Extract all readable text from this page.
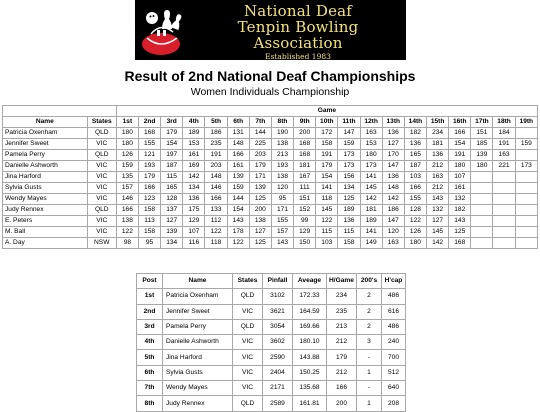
National Deaf
Tenpin Bowling Association
Established 1983
Result of 2nd National Deaf Championships
Women Individuals Championship
		Game																		
Name	States	1st	2nd	3rd	4th	5th	6th	7th	8th	9th	10th	11th	12th	13th	14th	15th	16th	17th	18th	19th
Patricia Oxenham	QLD	180	168	179	189	186	131	144	190	200	172	147	163	136	182	234	166	151	184	
Jennifer Sweet	VIC	180	155	154	153	235	148	225	138	168	158	159	153	127	136	181	154	185	191	159
Pamela Perry	QLD	126	121	197	161	191	166	203	213	168	191	173	180	170	165	136	191	139	163	
Danielle Ashworth	VIC	159	193	187	169	203	161	179	193	181	179	173	173	147	187	212	180	180	221	173
Jina Harford	VIC	135	179	115	142	148	139	171	138	167	154	156	141	136	103	163	107			
Sylvia Gusts	VIC	157	166	165	134	146	159	139	120	111	141	134	145	148	166	212	161			
Wendy Mayes	VIC	146	123	128	136	166	144	125	95	151	118	125	142	142	155	143	132			
Judy Rennex	QLD	166	158	137	175	133	154	200	171	152	145	189	181	186	128	132	182			
E. Peters	VIC	138	113	127	129	112	143	138	155	99	122	136	189	147	122	127	143			
M. Ball	VIC	122	158	139	107	122	178	127	157	129	115	115	141	120	126	145	125			
A. Day	NSW	98	95	134	116	118	122	125	143	150	103	158	149	163	180	142	168			
Post	Name	States	Pinfall	Aveage	H/Game	200's	H'cap
1st	Patricia Oxenham	QLD	3102	172.33	234	2	486
2nd	Jennifer Sweet	VIC	3621	164.59	235	2	616
3rd	Pamela Perry	QLD	3054	169.66	213	2	486
4th	Danielle Ashworth	VIC	3602	180.10	212	3	240
5th	Jina Harford	VIC	2590	143.88	179	-	700
6th	Sylvia Gusts	VIC	2404	150.25	212	1	512
7th	Wendy Mayes	VIC	2171	135.68	166	-	640
8th	Judy Rennex	QLD	2589	161.81	200	1	208
